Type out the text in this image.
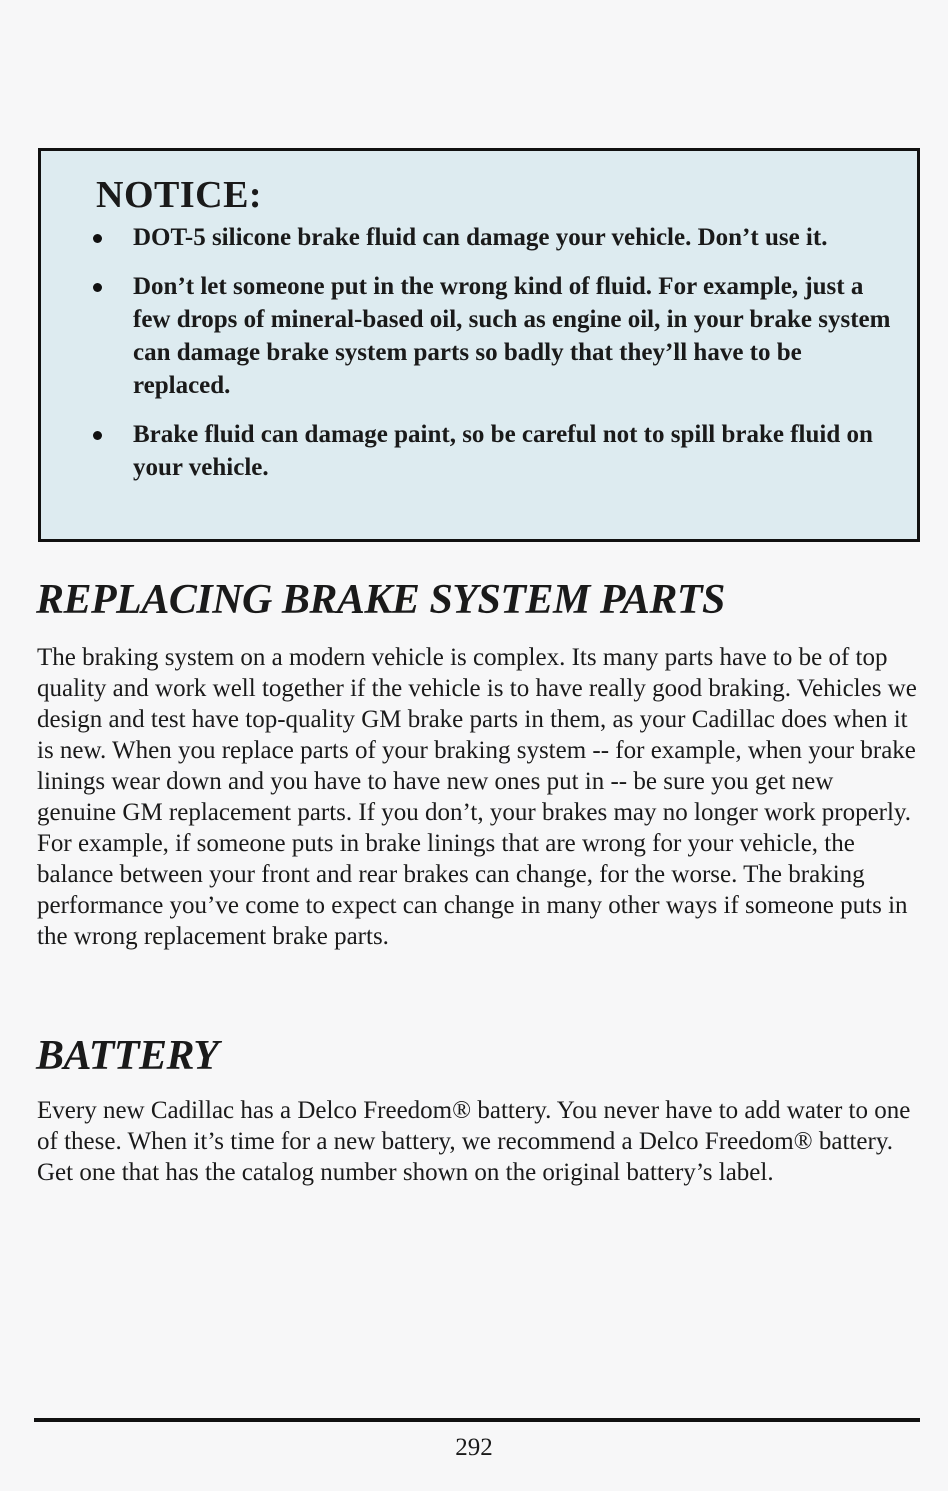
NOTICE:
DOT-5 silicone brake fluid can damage your vehicle. Don’t use it.
Don’t let someone put in the wrong kind of fluid. For example, just a few drops of mineral-based oil, such as engine oil, in your brake system can damage brake system parts so badly that they’ll have to be replaced.
Brake fluid can damage paint, so be careful not to spill brake fluid on your vehicle.
REPLACING BRAKE SYSTEM PARTS

The braking system on a modern vehicle is complex. Its many parts have to be of top quality and work well together if the vehicle is to have really good braking. Vehicles we design and test have top-quality GM brake parts in them, as your Cadillac does when it is new. When you replace parts of your braking system -- for example, when your brake linings wear down and you have to have new ones put in -- be sure you get new genuine GM replacement parts. If you don’t, your brakes may no longer work properly. For example, if someone puts in brake linings that are wrong for your vehicle, the balance between your front and rear brakes can change, for the worse. The braking performance you’ve come to expect can change in many other ways if someone puts in the wrong replacement brake parts.

BATTERY

Every new Cadillac has a Delco Freedom® battery. You never have to add water to one of these. When it’s time for a new battery, we recommend a Delco Freedom® battery. Get one that has the catalog number shown on the original battery’s label.

292
